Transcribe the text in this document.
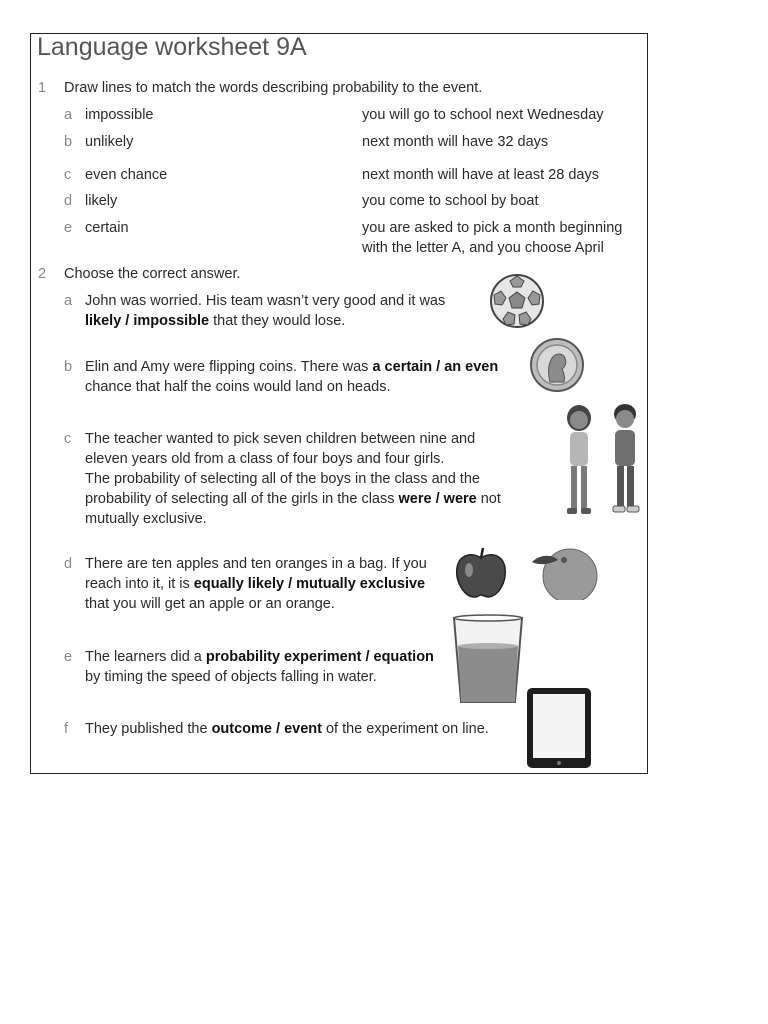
Language worksheet 9A
1 Draw lines to match the words describing probability to the event.
a impossible	you will go to school next Wednesday
b unlikely	next month will have 32 days
c even chance	next month will have at least 28 days
d likely	you come to school by boat
e certain	you are asked to pick a month beginning
with the letter A, and you choose April
2 Choose the correct answer.
a John was worried. His team wasn’t very good and it was
likely / impossible that they would lose.
b Elin and Amy were flipping coins. There was a certain / an even
chance that half the coins would land on heads.
c The teacher wanted to pick seven children between nine and
eleven years old from a class of four boys and four girls.
The probability of selecting all of the boys in the class and the
probability of selecting all of the girls in the class were / were not
mutually exclusive.
d There are ten apples and ten oranges in a bag. If you
reach into it, it is equally likely / mutually exclusive
that you will get an apple or an orange.
e The learners did a probability experiment / equation
by timing the speed of objects falling in water.
f They published the outcome / event of the experiment on line.
